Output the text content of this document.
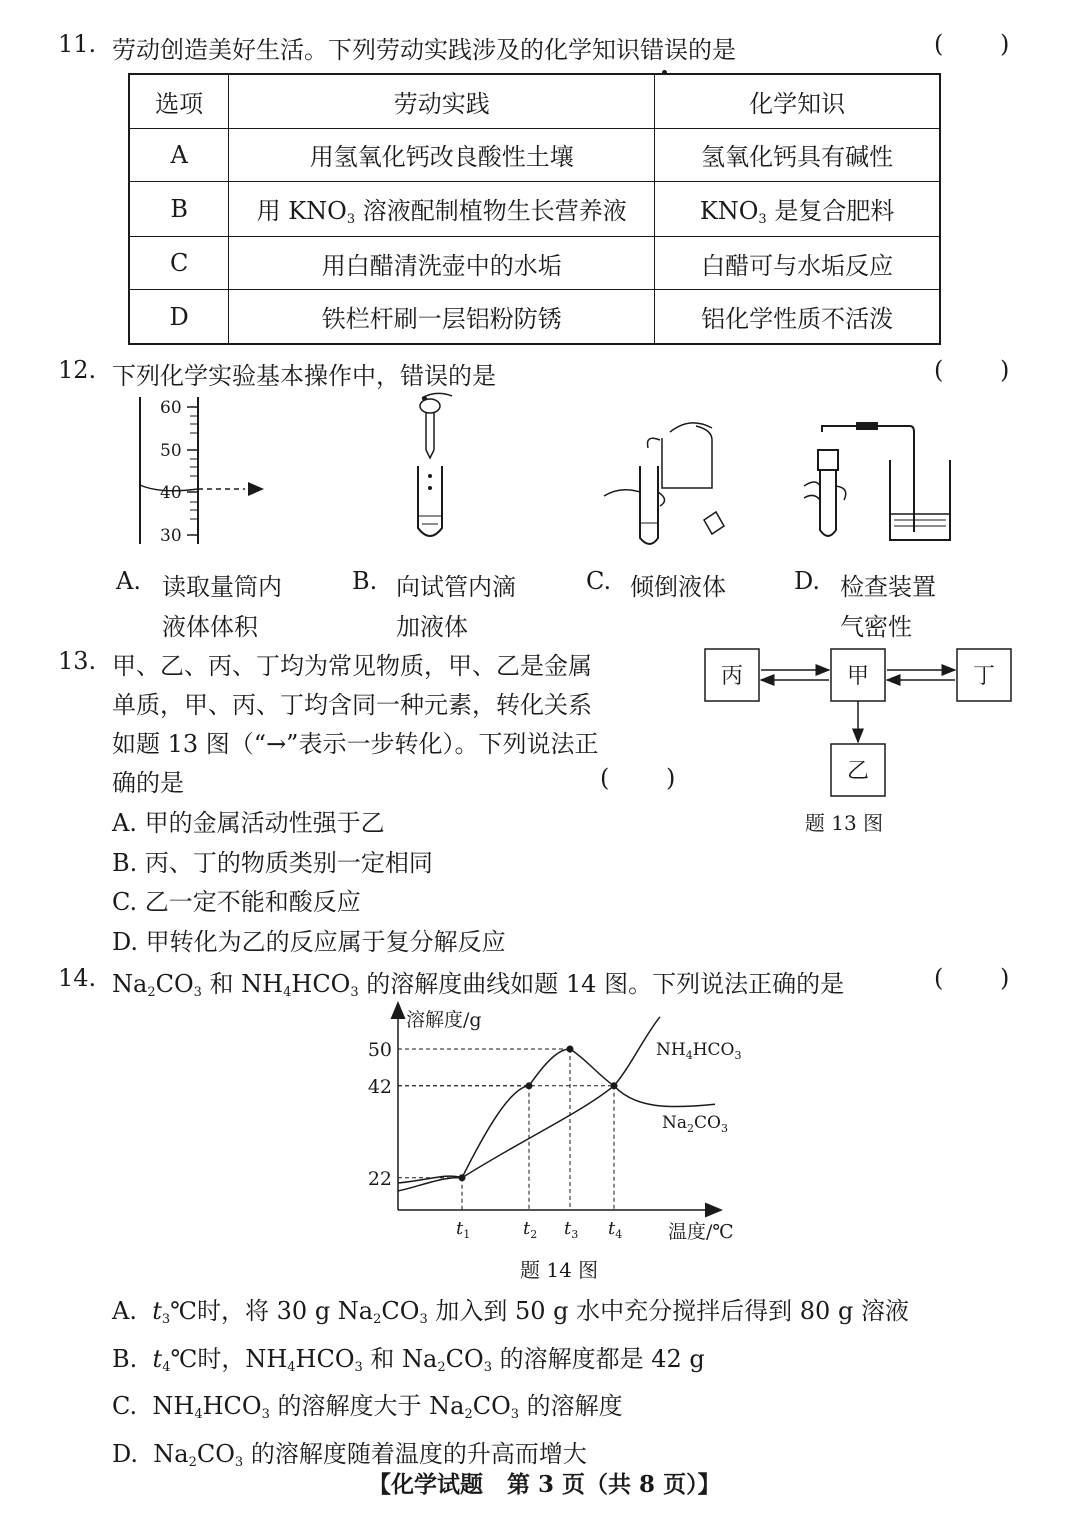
11. 劳动创造美好生活。下列劳动实践涉及的化学知识错误的是	( )
选项	劳动实践	化学知识
A	用氢氧化钙改良酸性土壤	氢氧化钙具有碱性
B	用 $KNO_3$ 溶液配制植物生长营养液	$KNO_3$ 是复合肥料
C	用白醋清洗壶中的水垢	白醋可与水垢反应
D	铁栏杆刷一层铝粉防锈	铝化学性质不活泼
12. 下列化学实验基本操作中，错误的是	( )
60
50
40
30
A. 读取量筒内
液体体积
B. 向试管内滴
加液体
C. 倾倒液体	D. 检查装置
气密性
13. 甲、乙、丙、丁均为常见物质，甲、乙是金属
单质，甲、丙、丁均含同一种元素，转化关系
如题 13 图（“→”表示一步转化）。下列说法正
确的是	( )
A. 甲的金属活动性强于乙
B. 丙、丁的物质类别一定相同
C. 乙一定不能和酸反应
D. 甲转化为乙的反应属于复分解反应
丙	甲	丁
乙
题 13 图
14. $Na_2CO_3$ 和 $NH_4HCO_3$ 的溶解度曲线如题 14 图。下列说法正确的是	( )
溶解度/g
温度/℃
22
42
50
$t_1$	$t_2$ $t_3$ $t_4$
$NH_4HCO_3$
$Na_2CO_3$
题 14 图
A. $t_3℃$时，将 30 g $Na_2CO_3$ 加入到 50 g 水中充分搅拌后得到 80 g 溶液
B. $t_4℃$时，$NH_4HCO_3$ 和 $Na_2CO_3$ 的溶解度都是 42 g
C.  $NH_4HCO_3$ 的溶解度大于 $Na_2CO_3$ 的溶解度
D.  $Na_2CO_3$ 的溶解度随着温度的升高而增大
【化学试题 第 3 页（共 8 页）】
